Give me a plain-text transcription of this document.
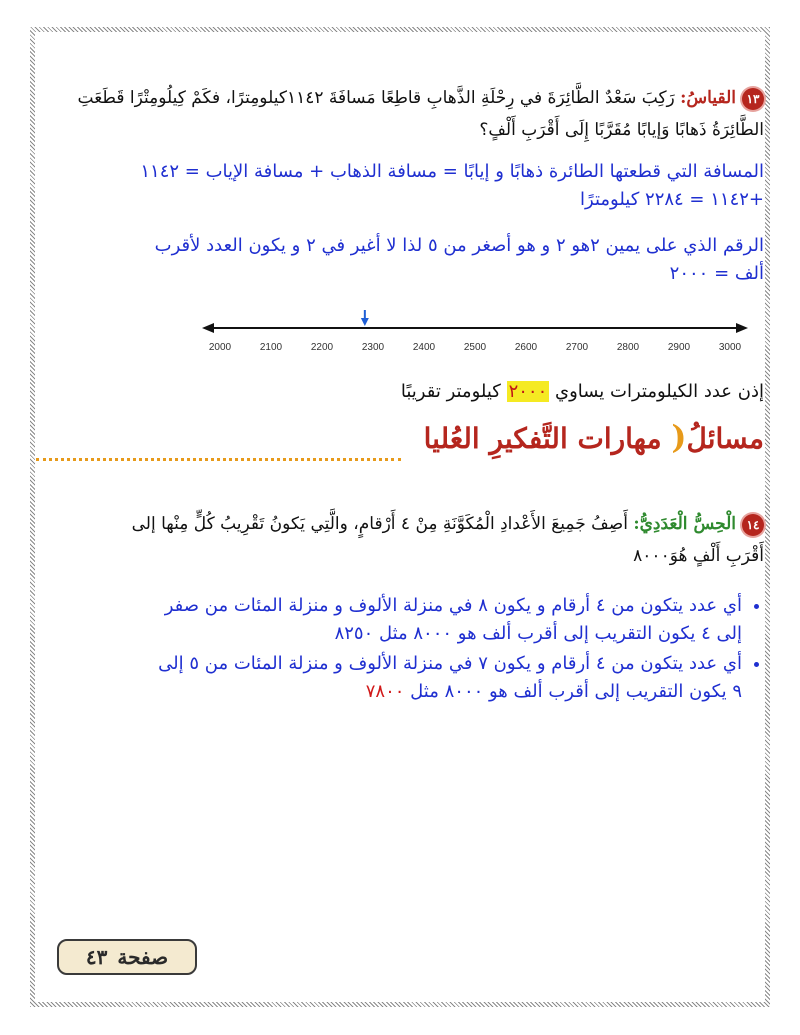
١٣القياسُ: رَكِبَ سَعْدٌ الطَّائِرَةَ في رِحْلَةِ الذَّهابِ قاطِعًا مَسافَةَ ١١٤٢كيلومِترًا، فكَمْ كِيلُومِتْرًا قَطَعَتِ
الطَّائِرَةُ ذَهابًا وَإيابًا مُقَرَّبًا إِلَى أَقْرَبِ أَلْفٍ؟
المسافة التي قطعتها الطائرة ذهابًا و إيابًا = مسافة الذهاب + مسافة الإياب = ١١٤٢
+١١٤٢ = ٢٢٨٤ كيلومترًا
الرقم الذي على يمين ٢هو ٢ و هو أصغر من ٥ لذا لا أغير في ٢ و يكون العدد لأقرب
ألف = ٢٠٠٠
2000	2100	2200	2300	2400	2500	2600	2700	2800	2900	3000
إذن عدد الكيلومترات يساوي ٢٠٠٠ كيلومتر تقريبًا
مسائلُ( مهارات التَّفكيرِ العُليا
١٤الْحِسُّ الْعَدَدِيُّ: أَصِفُ جَمِيعَ الأَعْدادِ الْمُكَوَّنَةِ مِنْ ٤ أَرْقامٍ، والَّتِي يَكونُ تَقْرِيبُ كُلٍّ مِنْها إلى
أَقْرَبِ أَلْفٍ هُوَ٨٠٠٠
• أي عدد يتكون من ٤ أرقام و يكون ٨ في منزلة الألوف و منزلة المئات من صفر
إلى ٤ يكون التقريب إلى أقرب ألف هو ٨٠٠٠ مثل ٨٢٥٠
• أي عدد يتكون من ٤ أرقام و يكون ٧ في منزلة الألوف و منزلة المئات من ٥ إلى
٩ يكون التقريب إلى أقرب ألف هو ٨٠٠٠ مثل ٧٨٠٠
صفحة
٤٣
